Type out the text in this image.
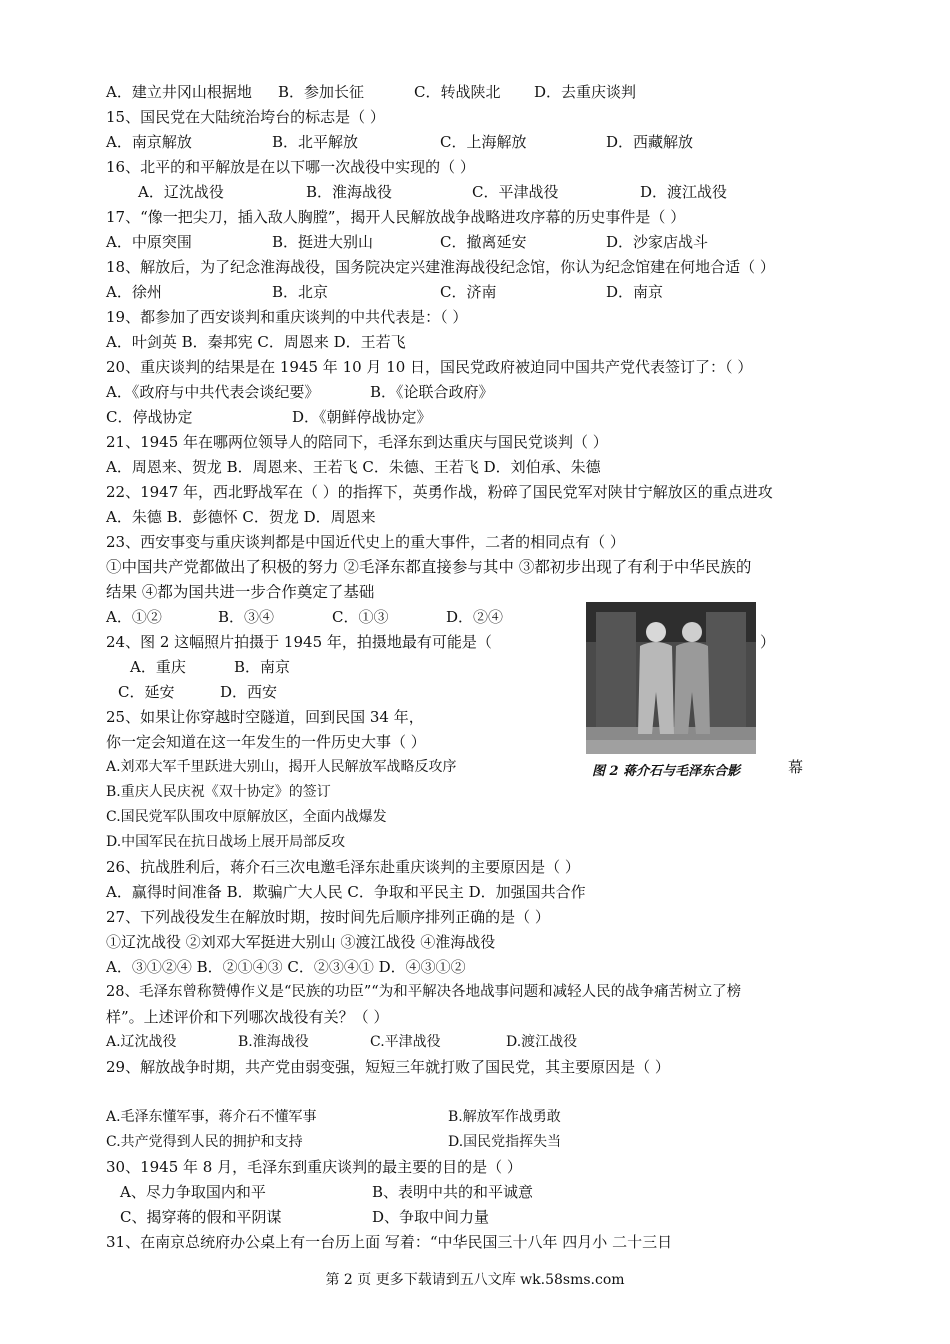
A．建立井冈山根据地 B．参加长征	C．转战陕北 D．去重庆谈判
15、国民党在大陆统治垮台的标志是（ ）
A．南京解放	B．北平解放	C．上海解放	D．西藏解放
16、北平的和平解放是在以下哪一次战役中实现的（ ）
A．辽沈战役	B．淮海战役	C．平津战役	D．渡江战役
17、“像一把尖刀，插入敌人胸膛”，揭开人民解放战争战略进攻序幕的历史事件是（ ）
A．中原突围	B．挺进大别山	C．撤离延安	D．沙家店战斗
18、解放后，为了纪念淮海战役，国务院决定兴建淮海战役纪念馆，你认为纪念馆建在何地合适（ ）
A．徐州	B．北京	C．济南	D．南京
19、都参加了西安谈判和重庆谈判的中共代表是：（ ）
A．叶剑英 B．秦邦宪 C．周恩来 D．王若飞
20、重庆谈判的结果是在 1945 年 10 月 10 日，国民党政府被迫同中国共产党代表签订了：（ ）
A．《政府与中共代表会谈纪要》	B．《论联合政府》
C．停战协定	D．《朝鲜停战协定》
21、1945 年在哪两位领导人的陪同下，毛泽东到达重庆与国民党谈判（ ）
A．周恩来、贺龙 B．周恩来、王若飞 C．朱德、王若飞 D．刘伯承、朱德
22、1947 年，西北野战军在（ ）的指挥下，英勇作战，粉碎了国民党军对陕甘宁解放区的重点进攻
A．朱德 B．彭德怀 C．贺龙 D．周恩来
23、西安事变与重庆谈判都是中国近代史上的重大事件，二者的相同点有（ ）
①中国共产党都做出了积极的努力 ②毛泽东都直接参与其中 ③都初步出现了有利于中华民族的
结果 ④都为国共进一步合作奠定了基础
A．①②	B．③④	C．①③	D．②④
24、图 2 这幅照片拍摄于 1945 年，拍摄地最有可能是（	）
A．重庆	B．南京
C．延安	D．西安
图 2 蒋介石与毛泽东合影	幕
25、如果让你穿越时空隧道，回到民国 34 年，
你一定会知道在这一年发生的一件历史大事（ ）
A.刘邓大军千里跃进大别山，揭开人民解放军战略反攻序
B.重庆人民庆祝《双十协定》的签订
C.国民党军队围攻中原解放区，全面内战爆发
D.中国军民在抗日战场上展开局部反攻
26、抗战胜利后，蒋介石三次电邀毛泽东赴重庆谈判的主要原因是（ ）
A．赢得时间准备 B．欺骗广大人民 C．争取和平民主 D．加强国共合作
27、下列战役发生在解放时期，按时间先后顺序排列正确的是（ ）
①辽沈战役 ②刘邓大军挺进大别山 ③渡江战役 ④淮海战役
A．③①②④ B．②①④③ C．②③④① D．④③①②
28、毛泽东曾称赞傅作义是“民族的功臣”“为和平解决各地战事问题和减轻人民的战争痛苦树立了榜
样”。上述评价和下列哪次战役有关？（ ）
A.辽沈战役	B.淮海战役	C.平津战役	D.渡江战役
29、解放战争时期，共产党由弱变强，短短三年就打败了国民党，其主要原因是（ ）
A.毛泽东懂军事，蒋介石不懂军事	B.解放军作战勇敢
C.共产党得到人民的拥护和支持	D.国民党指挥失当
30、1945 年 8 月，毛泽东到重庆谈判的最主要的目的是（ ）
A、尽力争取国内和平	B、表明中共的和平诚意
C、揭穿蒋的假和平阴谋	D、争取中间力量
31、在南京总统府办公桌上有一台历上面 写着：“中华民国三十八年 四月小 二十三日
第 2 页 更多下载请到五八文库 wk.58sms.com
